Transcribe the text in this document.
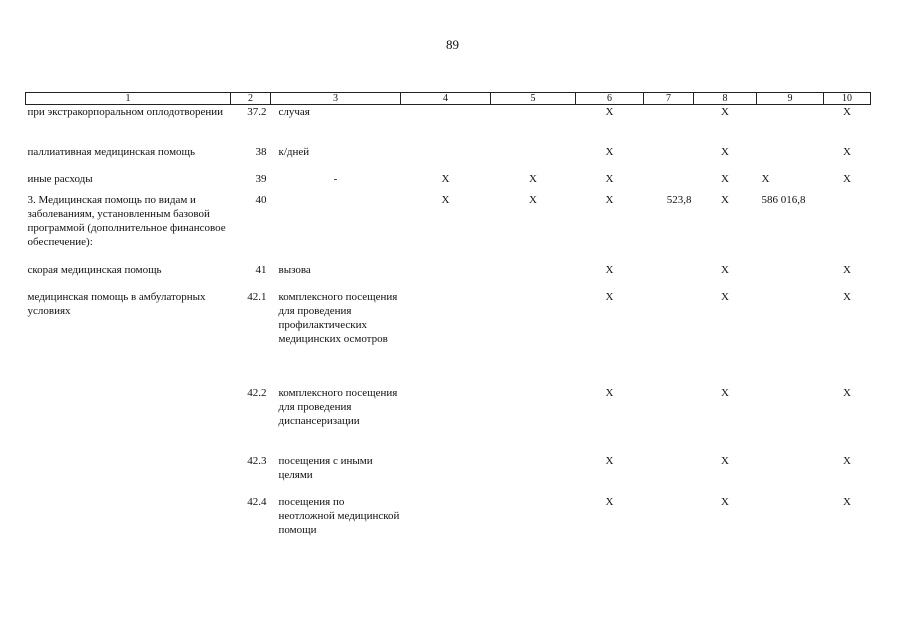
89
1	2	3	4	5	6	7	8	9	10
при экстракорпоральном оплодотворении	37.2	случая			X		X		X
паллиативная медицинская помощь	38	к/дней			X		X		X
иные расходы	39	-	X	X	X		X	X	X
3. Медицинская помощь по видам и заболеваниям, установленным базовой программой (дополнительное финансовое обеспечение):	40		X	X	X	523,8	X	586 016,8	
скорая медицинская помощь	41	вызова			X		X		X
медицинская помощь в амбулаторных условиях	42.1	комплексного посещения для проведения профилактических медицинских осмотров			X		X		X
	42.2	комплексного посещения для проведения диспансеризации			X		X		X
	42.3	посещения с иными целями			X		X		X
	42.4	посещения по неотложной медицинской помощи			X		X		X
